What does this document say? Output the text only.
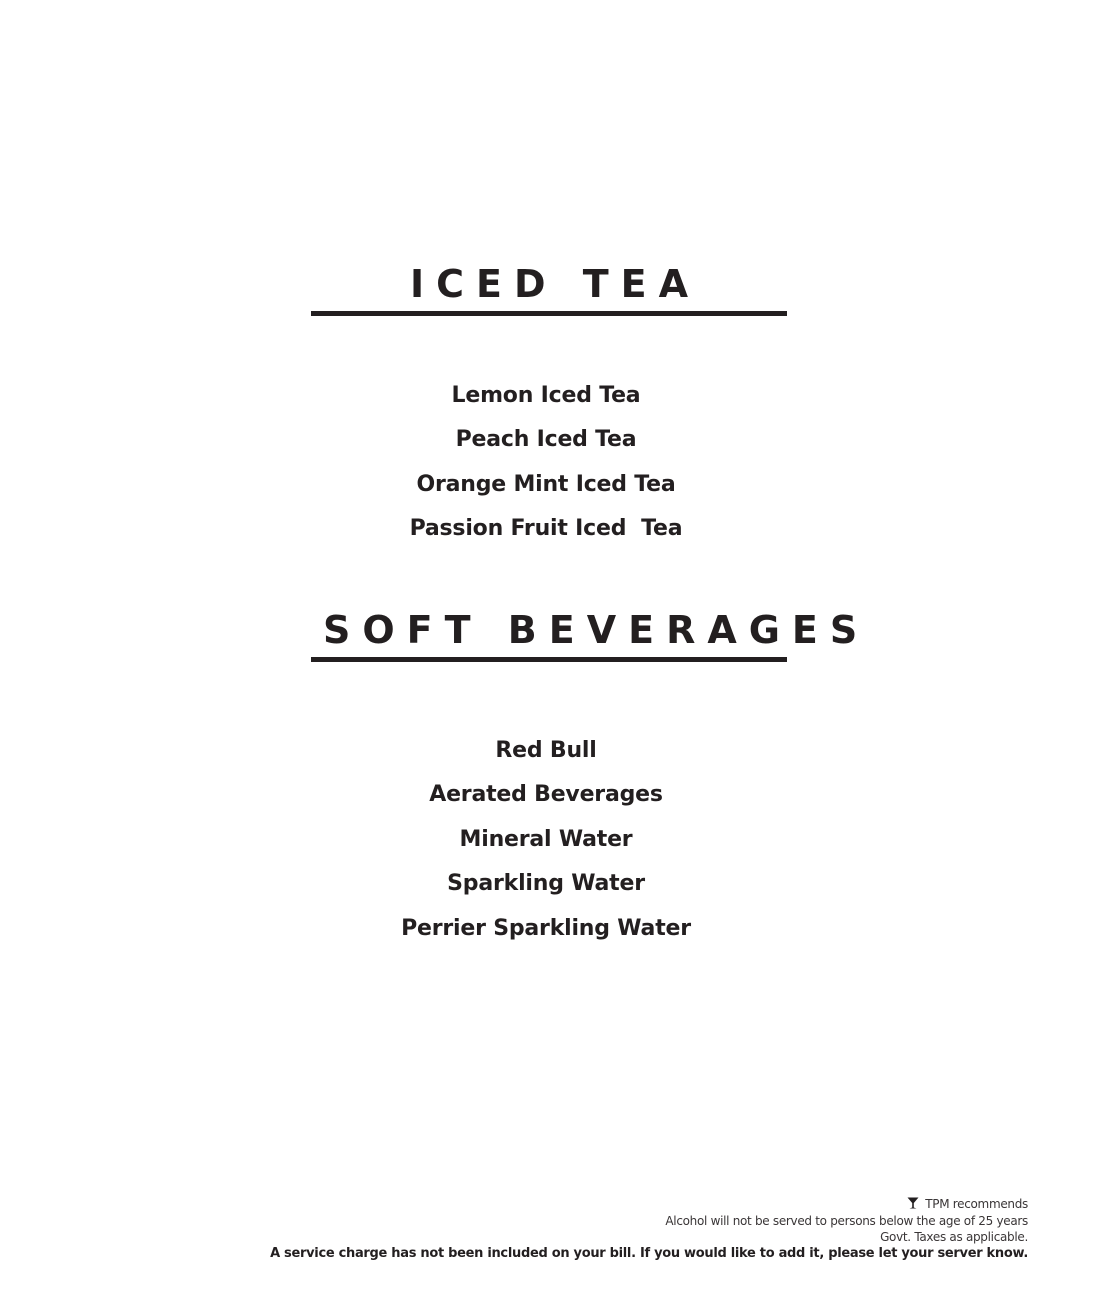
ICED TEA
Lemon Iced Tea
Peach Iced Tea
Orange Mint Iced Tea
Passion Fruit Iced  Tea
SOFT BEVERAGES
Red Bull
Aerated Beverages
Mineral Water
Sparkling Water
Perrier Sparkling Water
TPM recommends
Alcohol will not be served to persons below the age of 25 years
Govt. Taxes as applicable.
A service charge has not been included on your bill. If you would like to add it, please let your server know.
